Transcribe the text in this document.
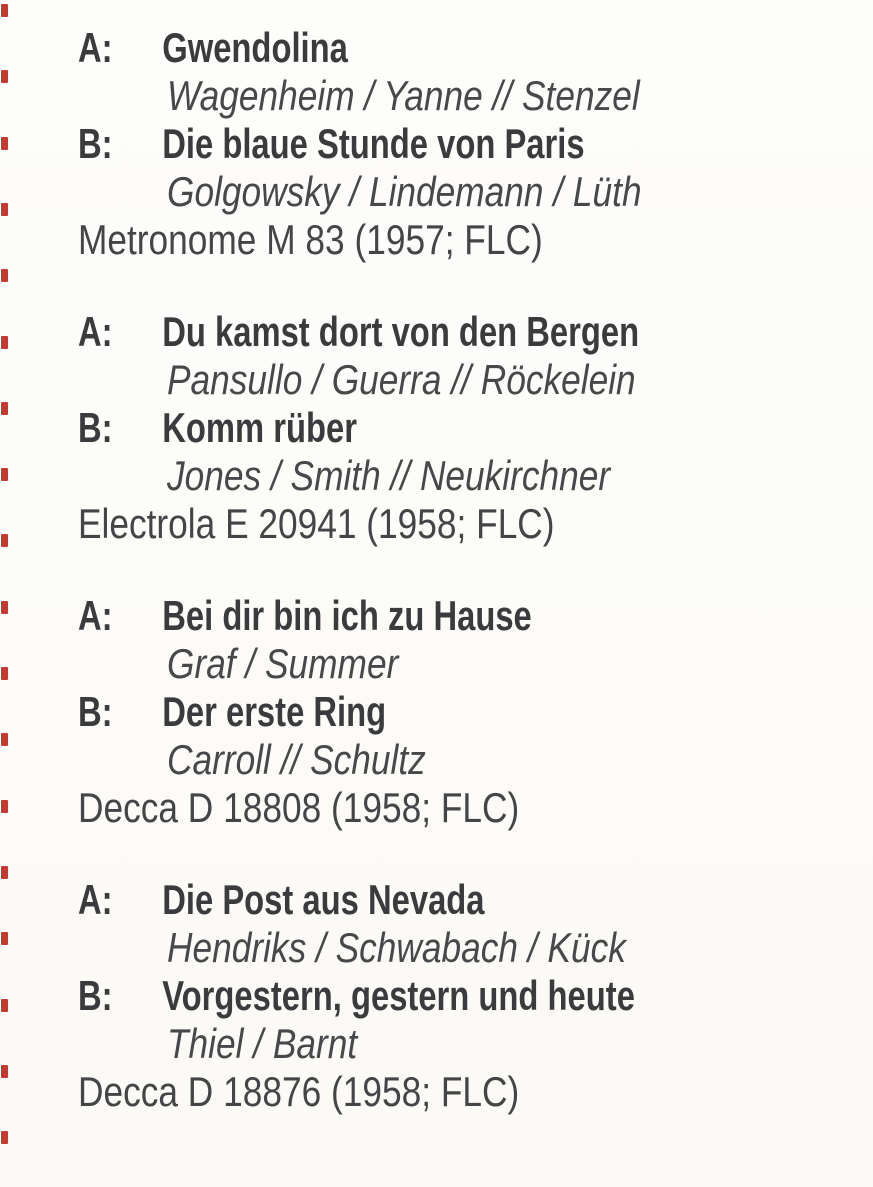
A: Gwendolina
Wagenheim / Yanne // Stenzel
B: Die blaue Stunde von Paris
Golgowsky / Lindemann / Lüth
Metronome M 83 (1957; FLC)
A: Du kamst dort von den Bergen
Pansullo / Guerra // Röckelein
B: Komm rüber
Jones / Smith // Neukirchner
Electrola E 20941 (1958; FLC)
A: Bei dir bin ich zu Hause
Graf / Summer
B: Der erste Ring
Carroll // Schultz
Decca D 18808 (1958; FLC)
A: Die Post aus Nevada
Hendriks / Schwabach / Kück
B: Vorgestern, gestern und heute
Thiel / Barnt
Decca D 18876 (1958; FLC)
